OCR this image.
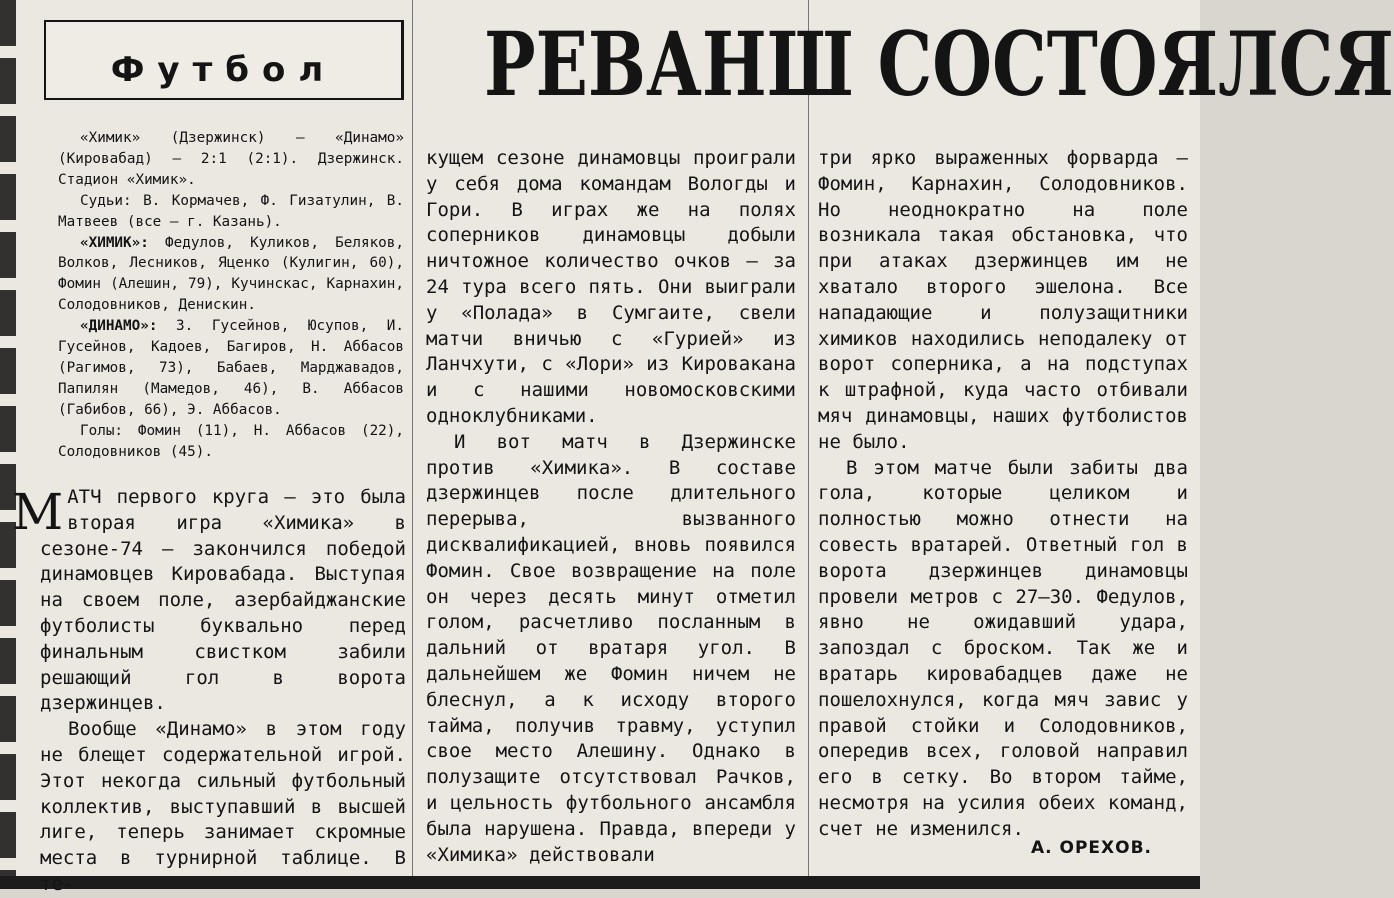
Футбол	РЕВАНШ СОСТОЯЛСЯ

«Химик» (Дзержинск) — «Динамо» (Кировабад) — 2:1 (2:1). Дзержинск. Стадион «Химик».

Судьи: В. Кормачев, Ф. Гизатулин, В. Матвеев (все — г. Казань).

«ХИМИК»: Федулов, Куликов, Беляков, Волков, Лесников, Яценко (Кулигин, 60), Фомин (Алешин, 79), Кучинскас, Карнахин, Солодовников, Денискин.

«ДИНАМО»: З. Гусейнов, Юсупов, И. Гусейнов, Кадоев, Багиров, Н. Аббасов (Рагимов, 73), Бабаев, Марджавадов, Папилян (Мамедов, 46), В. Аббасов (Габибов, 66), Э. Аббасов.

Голы: Фомин (11), Н. Аббасов (22), Солодовников (45).

МАТЧ первого круга — это была вторая игра «Химика» в сезоне-74 — закончился победой динамовцев Кировабада. Выступая на своем поле, азербайджанские футболисты буквально перед финальным свистком забили решающий гол в ворота дзержинцев.

Вообще «Динамо» в этом году не блещет содержательной игрой. Этот некогда сильный футбольный коллектив, выступавший в высшей лиге, теперь занимает скромные места в турнирной таблице. В те-

кущем сезоне динамовцы проиграли у себя дома командам Вологды и Гори. В играх же на полях соперников динамовцы добыли ничтожное количество очков — за 24 тура всего пять. Они выиграли у «Полада» в Сумгаите, свели матчи вничью с «Гурией» из Ланчхути, с «Лори» из Кировакана и с нашими новомосковскими одноклубниками.

И вот матч в Дзержинске против «Химика». В составе дзержинцев после длительного перерыва, вызванного дисквалификацией, вновь появился Фомин. Свое возвращение на поле он через десять минут отметил голом, расчетливо посланным в дальний от вратаря угол. В дальнейшем же Фомин ничем не блеснул, а к исходу второго тайма, получив травму, уступил свое место Алешину. Однако в полузащите отсутствовал Рачков, и цельность футбольного ансамбля была нарушена. Правда, впереди у «Химика» действовали

три ярко выраженных форварда — Фомин, Карнахин, Солодовников. Но неоднократно на поле возникала такая обстановка, что при атаках дзержинцев им не хватало второго эшелона. Все нападающие и полузащитники химиков находились неподалеку от ворот соперника, а на подступах к штрафной, куда часто отбивали мяч динамовцы, наших футболистов не было.

В этом матче были забиты два гола, которые целиком и полностью можно отнести на совесть вратарей. Ответный гол в ворота дзержинцев динамовцы провели метров с 27—30. Федулов, явно не ожидавший удара, запоздал с броском. Так же и вратарь кировабадцев даже не пошелохнулся, когда мяч завис у правой стойки и Солодовников, опередив всех, головой направил его в сетку. Во втором тайме, несмотря на усилия обеих команд, счет не изменился.

А. ОРЕХОВ.
